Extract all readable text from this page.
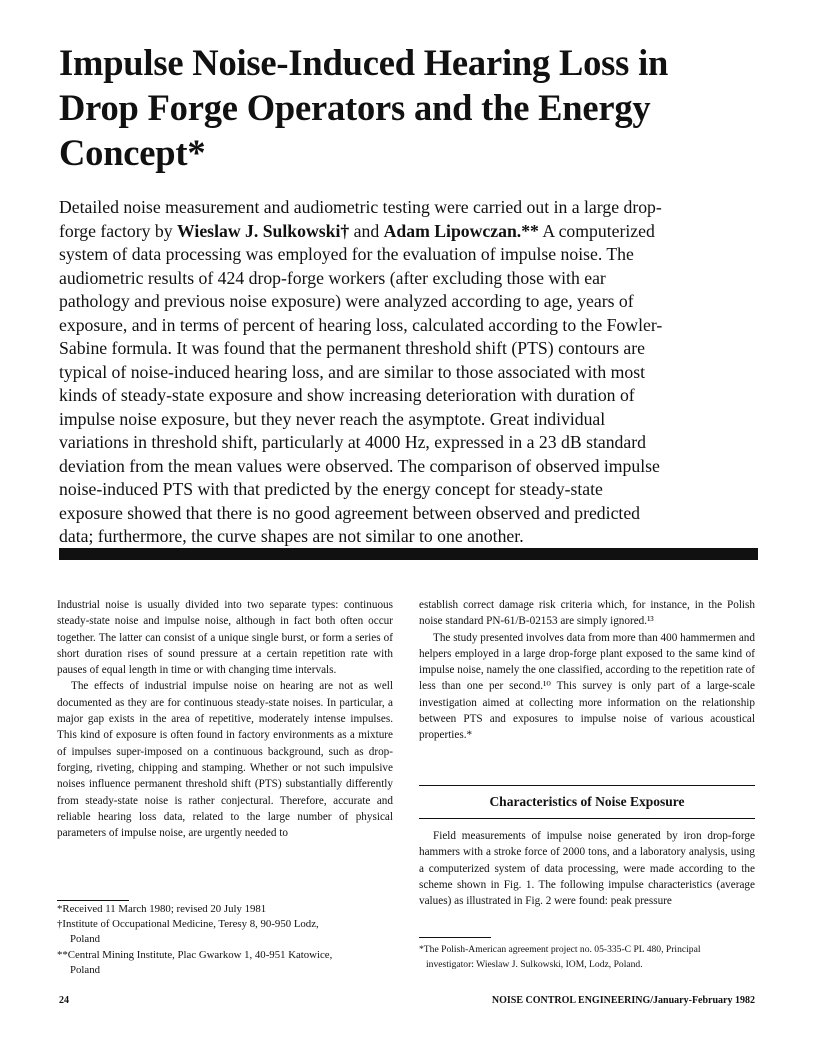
Impulse Noise-Induced Hearing Loss in
Drop Forge Operators and the Energy
Concept*
Detailed noise measurement and audiometric testing were carried out in a large drop-
forge factory by Wieslaw J. Sulkowski† and Adam Lipowczan.** A computerized
system of data processing was employed for the evaluation of impulse noise. The
audiometric results of 424 drop-forge workers (after excluding those with ear
pathology and previous noise exposure) were analyzed according to age, years of
exposure, and in terms of percent of hearing loss, calculated according to the Fowler-
Sabine formula. It was found that the permanent threshold shift (PTS) contours are
typical of noise-induced hearing loss, and are similar to those associated with most
kinds of steady-state exposure and show increasing deterioration with duration of
impulse noise exposure, but they never reach the asymptote. Great individual
variations in threshold shift, particularly at 4000 Hz, expressed in a 23 dB standard
deviation from the mean values were observed. The comparison of observed impulse
noise-induced PTS with that predicted by the energy concept for steady-state
exposure showed that there is no good agreement between observed and predicted
data; furthermore, the curve shapes are not similar to one another.

Industrial noise is usually divided into two separate types: continuous steady-state noise and impulse noise, although in fact both often occur together. The latter can consist of a unique single burst, or form a series of short duration rises of sound pressure at a certain repetition rate with pauses of equal length in time or with changing time intervals.

The effects of industrial impulse noise on hearing are not as well documented as they are for continuous steady-state noises. In particular, a major gap exists in the area of repetitive, moderately intense impulses. This kind of exposure is often found in factory environments as a mixture of impulses super-imposed on a continuous background, such as drop-forging, riveting, chipping and stamping. Whether or not such impulsive noises influence permanent threshold shift (PTS) substantially differently from steady-state noise is rather conjectural. Therefore, accurate and reliable hearing loss data, related to the large number of physical parameters of impulse noise, are urgently needed to

establish correct damage risk criteria which, for instance, in the Polish noise standard PN-61/B-02153 are simply ignored.¹³

The study presented involves data from more than 400 hammermen and helpers employed in a large drop-forge plant exposed to the same kind of impulse noise, namely the one classified, according to the repetition rate of less than one per second.¹⁰ This survey is only part of a large-scale investigation aimed at collecting more information on the relationship between PTS and exposures to impulse noise of various acoustical properties.*

Characteristics of Noise Exposure

Field measurements of impulse noise generated by iron drop-forge hammers with a stroke force of 2000 tons, and a laboratory analysis, using a computerized system of data processing, were made according to the scheme shown in Fig. 1. The following impulse characteristics (average values) as illustrated in Fig. 2 were found: peak pressure

*Received 11 March 1980; revised 20 July 1981
†Institute of Occupational Medicine, Teresy 8, 90-950 Lodz,
Poland
**Central Mining Institute, Plac Gwarkow 1, 40-951 Katowice,
Poland
*The Polish-American agreement project no. 05-335-C PL 480, Principal
investigator: Wieslaw J. Sulkowski, IOM, Lodz, Poland.
24	NOISE CONTROL ENGINEERING/January-February 1982
